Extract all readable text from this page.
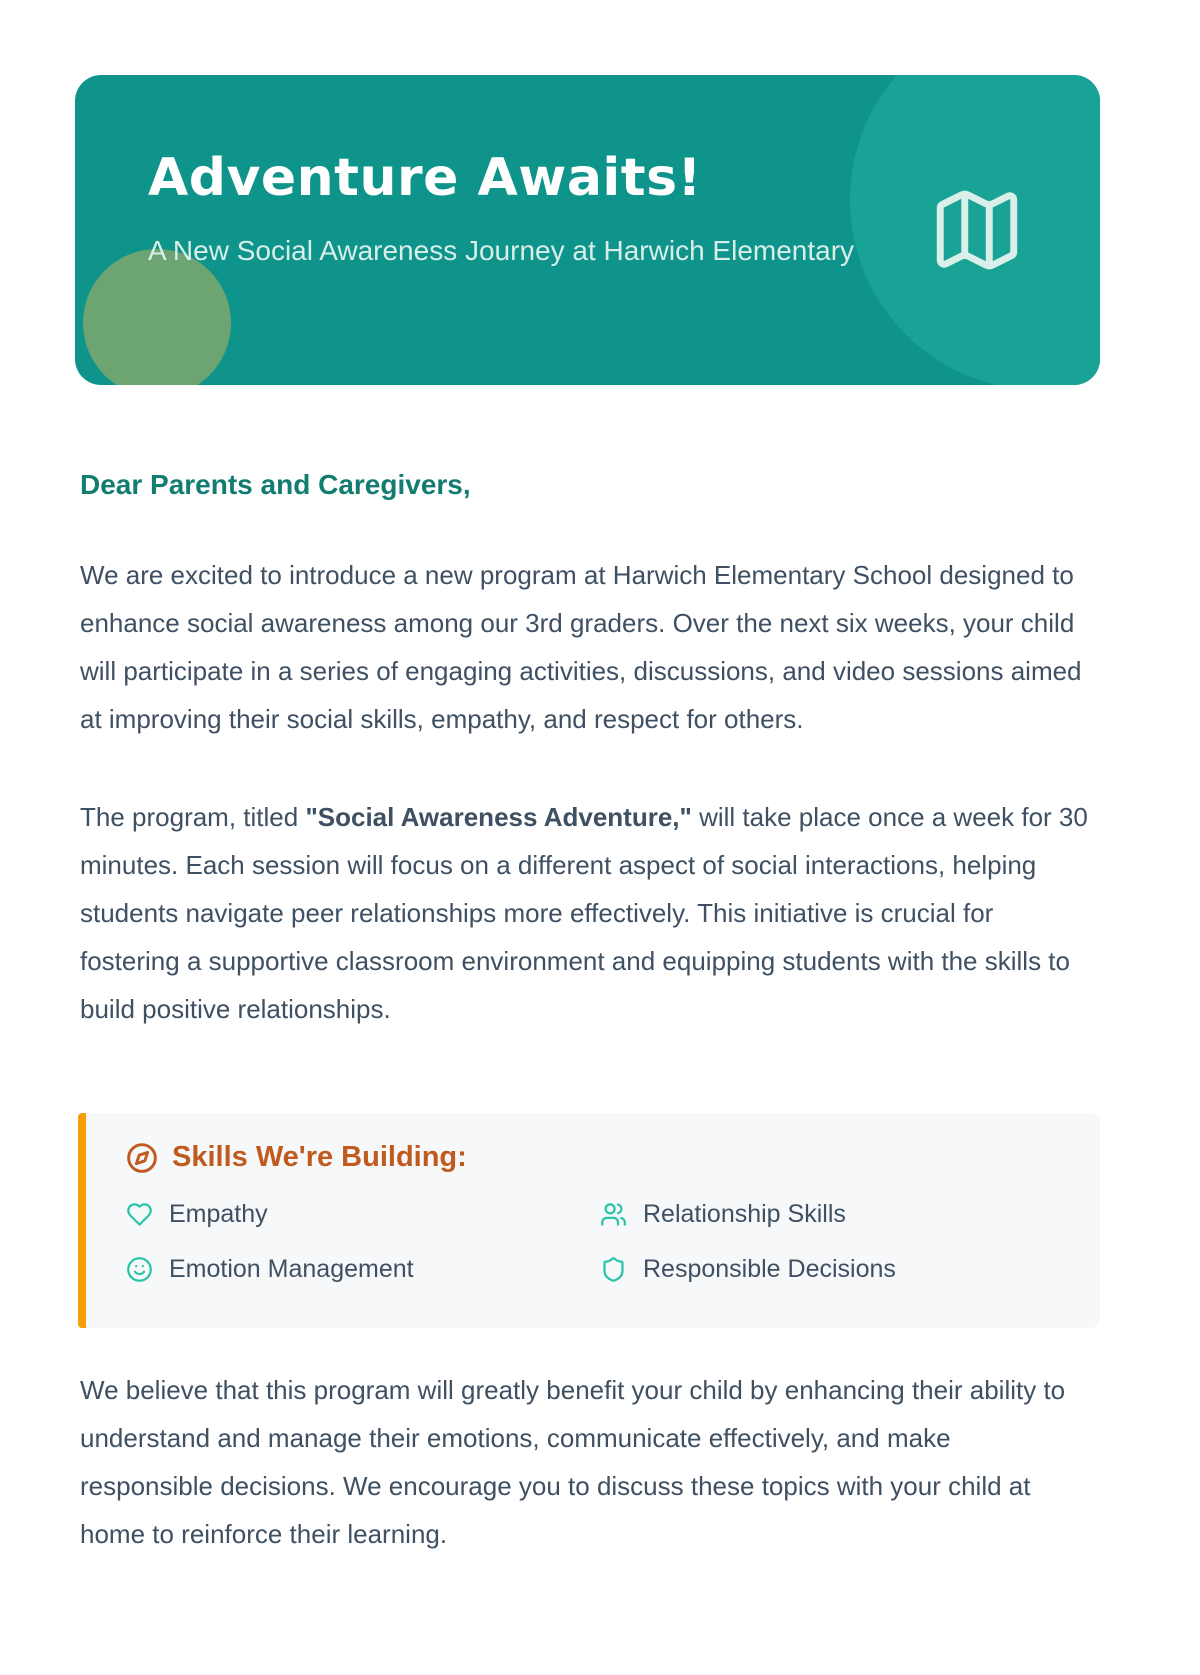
Adventure Awaits!

A New Social Awareness Journey at Harwich Elementary

Dear Parents and Caregivers,

We are excited to introduce a new program at Harwich Elementary School designed to enhance social awareness among our 3rd graders. Over the next six weeks, your child will participate in a series of engaging activities, discussions, and video sessions aimed at improving their social skills, empathy, and respect for others.

The program, titled "Social Awareness Adventure," will take place once a week for 30 minutes. Each session will focus on a different aspect of social interactions, helping students navigate peer relationships more effectively. This initiative is crucial for fostering a supportive classroom environment and equipping students with the skills to build positive relationships.

Skills We're Building:
Empathy	Relationship Skills
Emotion Management	Responsible Decisions

We believe that this program will greatly benefit your child by enhancing their ability to understand and manage their emotions, communicate effectively, and make responsible decisions. We encourage you to discuss these topics with your child at home to reinforce their learning.
